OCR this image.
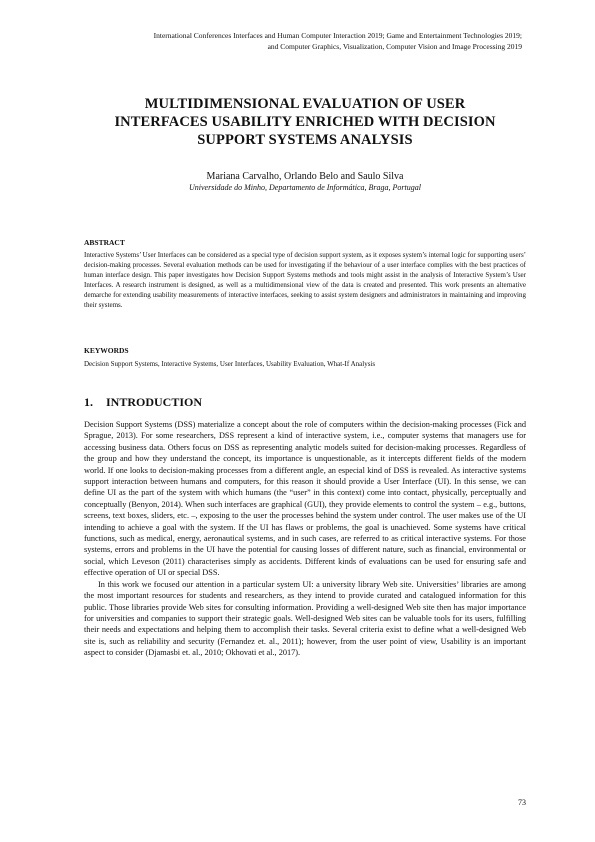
International Conferences Interfaces and Human Computer Interaction 2019; Game and Entertainment Technologies 2019;
and Computer Graphics, Visualization, Computer Vision and Image Processing 2019
MULTIDIMENSIONAL EVALUATION OF USER
INTERFACES USABILITY ENRICHED WITH DECISION
SUPPORT SYSTEMS ANALYSIS
Mariana Carvalho, Orlando Belo and Saulo Silva
Universidade do Minho, Departamento de Informática, Braga, Portugal
ABSTRACT

Interactive Systems’ User Interfaces can be considered as a special type of decision support system, as it exposes system’s internal logic for supporting users’ decision-making processes. Several evaluation methods can be used for investigating if the behaviour of a user interface complies with the best practices of human interface design. This paper investigates how Decision Support Systems methods and tools might assist in the analysis of Interactive System’s User Interfaces. A research instrument is designed, as well as a multidimensional view of the data is created and presented. This work presents an alternative demarche for extending usability measurements of interactive interfaces, seeking to assist system designers and administrators in maintaining and improving their systems.

KEYWORDS
Decision Support Systems, Interactive Systems, User Interfaces, Usability Evaluation, What-If Analysis
1. INTRODUCTION

Decision Support Systems (DSS) materialize a concept about the role of computers within the decision-making processes (Fick and Sprague, 2013). For some researchers, DSS represent a kind of interactive system, i.e., computer systems that managers use for accessing business data. Others focus on DSS as representing analytic models suited for decision-making processes. Regardless of the group and how they understand the concept, its importance is unquestionable, as it intercepts different fields of the modern world. If one looks to decision-making processes from a different angle, an especial kind of DSS is revealed. As interactive systems support interaction between humans and computers, for this reason it should provide a User Interface (UI). In this sense, we can define UI as the part of the system with which humans (the “user” in this context) come into contact, physically, perceptually and conceptually (Benyon, 2014). When such interfaces are graphical (GUI), they provide elements to control the system – e.g., buttons, screens, text boxes, sliders, etc. –, exposing to the user the processes behind the system under control. The user makes use of the UI intending to achieve a goal with the system. If the UI has flaws or problems, the goal is unachieved. Some systems have critical functions, such as medical, energy, aeronautical systems, and in such cases, are referred to as critical interactive systems. For those systems, errors and problems in the UI have the potential for causing losses of different nature, such as financial, environmental or social, which Leveson (2011) characterises simply as accidents. Different kinds of evaluations can be used for ensuring safe and effective operation of UI or special DSS.

In this work we focused our attention in a particular system UI: a university library Web site. Universities’ libraries are among the most important resources for students and researchers, as they intend to provide curated and catalogued information for this public. Those libraries provide Web sites for consulting information. Providing a well-designed Web site then has major importance for universities and companies to support their strategic goals. Well-designed Web sites can be valuable tools for its users, fulfilling their needs and expectations and helping them to accomplish their tasks. Several criteria exist to define what a well-designed Web site is, such as reliability and security (Fernandez et. al., 2011); however, from the user point of view, Usability is an important aspect to consider (Djamasbi et. al., 2010; Okhovati et al., 2017).

73
